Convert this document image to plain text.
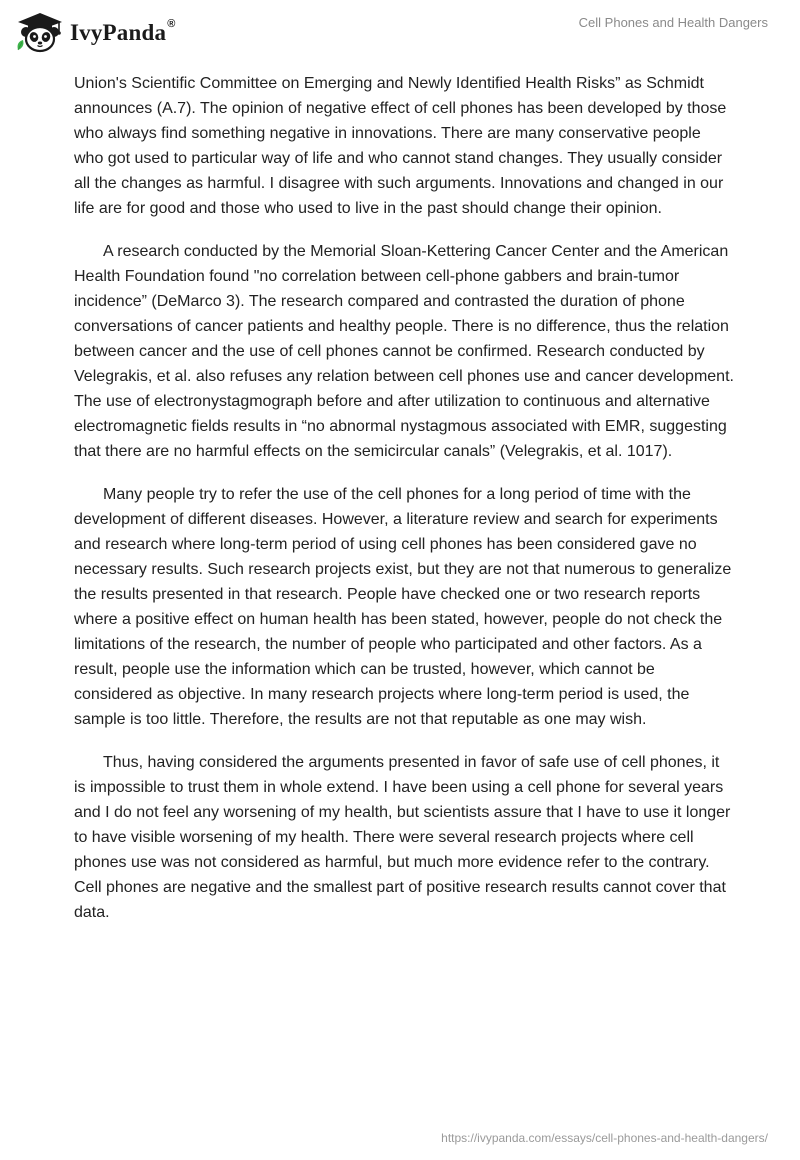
IvyPanda®	Cell Phones and Health Dangers

Union's Scientific Committee on Emerging and Newly Identified Health Risks” as Schmidt announces (A.7). The opinion of negative effect of cell phones has been developed by those who always find something negative in innovations. There are many conservative people who got used to particular way of life and who cannot stand changes. They usually consider all the changes as harmful. I disagree with such arguments. Innovations and changed in our life are for good and those who used to live in the past should change their opinion.

A research conducted by the Memorial Sloan-Kettering Cancer Center and the American Health Foundation found "no correlation between cell-phone gabbers and brain-tumor incidence” (DeMarco 3). The research compared and contrasted the duration of phone conversations of cancer patients and healthy people. There is no difference, thus the relation between cancer and the use of cell phones cannot be confirmed. Research conducted by Velegrakis, et al. also refuses any relation between cell phones use and cancer development. The use of electronystagmograph before and after utilization to continuous and alternative electromagnetic fields results in “no abnormal nystagmous associated with EMR, suggesting that there are no harmful effects on the semicircular canals” (Velegrakis, et al. 1017).

Many people try to refer the use of the cell phones for a long period of time with the development of different diseases. However, a literature review and search for experiments and research where long-term period of using cell phones has been considered gave no necessary results. Such research projects exist, but they are not that numerous to generalize the results presented in that research. People have checked one or two research reports where a positive effect on human health has been stated, however, people do not check the limitations of the research, the number of people who participated and other factors. As a result, people use the information which can be trusted, however, which cannot be considered as objective. In many research projects where long-term period is used, the sample is too little. Therefore, the results are not that reputable as one may wish.

Thus, having considered the arguments presented in favor of safe use of cell phones, it is impossible to trust them in whole extend. I have been using a cell phone for several years and I do not feel any worsening of my health, but scientists assure that I have to use it longer to have visible worsening of my health. There were several research projects where cell phones use was not considered as harmful, but much more evidence refer to the contrary. Cell phones are negative and the smallest part of positive research results cannot cover that data.

https://ivypanda.com/essays/cell-phones-and-health-dangers/
